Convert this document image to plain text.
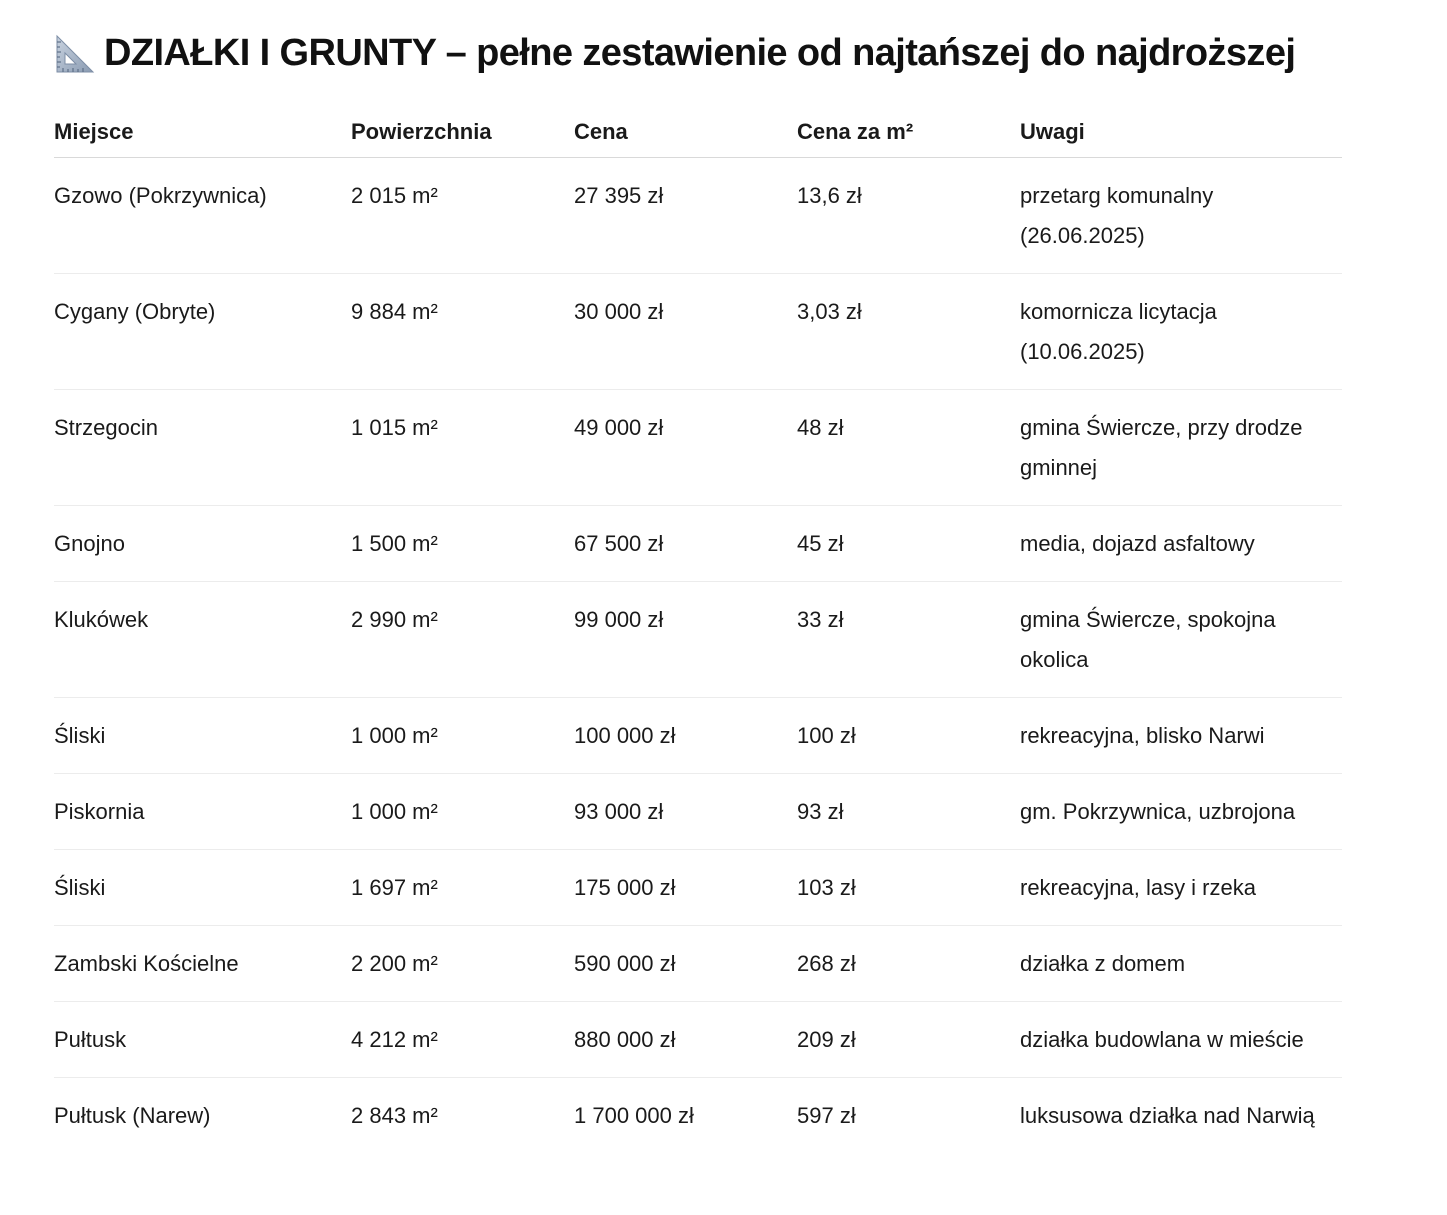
DZIAŁKI I GRUNTY – pełne zestawienie od najtańszej do najdroższej
Miejsce	Powierzchnia	Cena	Cena za m²	Uwagi
Gzowo (Pokrzywnica)	2 015 m²	27 395 zł	13,6 zł	przetarg komunalny (26.06.2025)
Cygany (Obryte)	9 884 m²	30 000 zł	3,03 zł	komornicza licytacja (10.06.2025)
Strzegocin	1 015 m²	49 000 zł	48 zł	gmina Świercze, przy drodze gminnej
Gnojno	1 500 m²	67 500 zł	45 zł	media, dojazd asfaltowy
Klukówek	2 990 m²	99 000 zł	33 zł	gmina Świercze, spokojna okolica
Śliski	1 000 m²	100 000 zł	100 zł	rekreacyjna, blisko Narwi
Piskornia	1 000 m²	93 000 zł	93 zł	gm. Pokrzywnica, uzbrojona
Śliski	1 697 m²	175 000 zł	103 zł	rekreacyjna, lasy i rzeka
Zambski Kościelne	2 200 m²	590 000 zł	268 zł	działka z domem
Pułtusk	4 212 m²	880 000 zł	209 zł	działka budowlana w mieście
Pułtusk (Narew)	2 843 m²	1 700 000 zł	597 zł	luksusowa działka nad Narwią
